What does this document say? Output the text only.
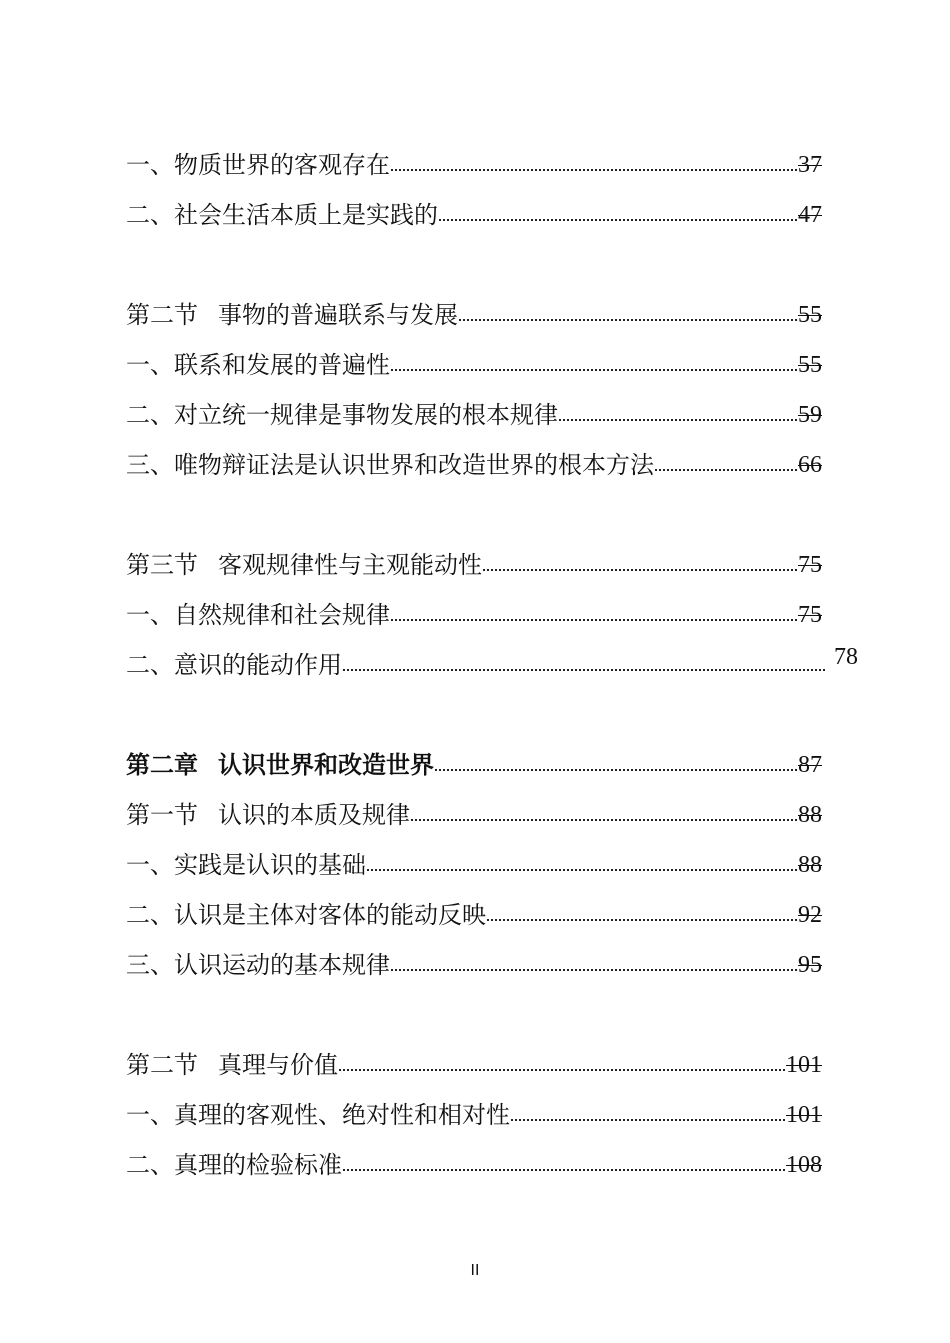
一、物质世界的客观存在	37
二、社会生活本质上是实践的	47
第二节 事物的普遍联系与发展	55
一、联系和发展的普遍性	55
二、对立统一规律是事物发展的根本规律	59
三、唯物辩证法是认识世界和改造世界的根本方法	66
第三节 客观规律性与主观能动性	75
一、自然规律和社会规律	75
二、意识的能动作用	78
第二章 认识世界和改造世界	87
第一节 认识的本质及规律	88
一、实践是认识的基础	88
二、认识是主体对客体的能动反映	92
三、认识运动的基本规律	95
第二节 真理与价值	101
一、真理的客观性、绝对性和相对性	101
二、真理的检验标准	108
II
